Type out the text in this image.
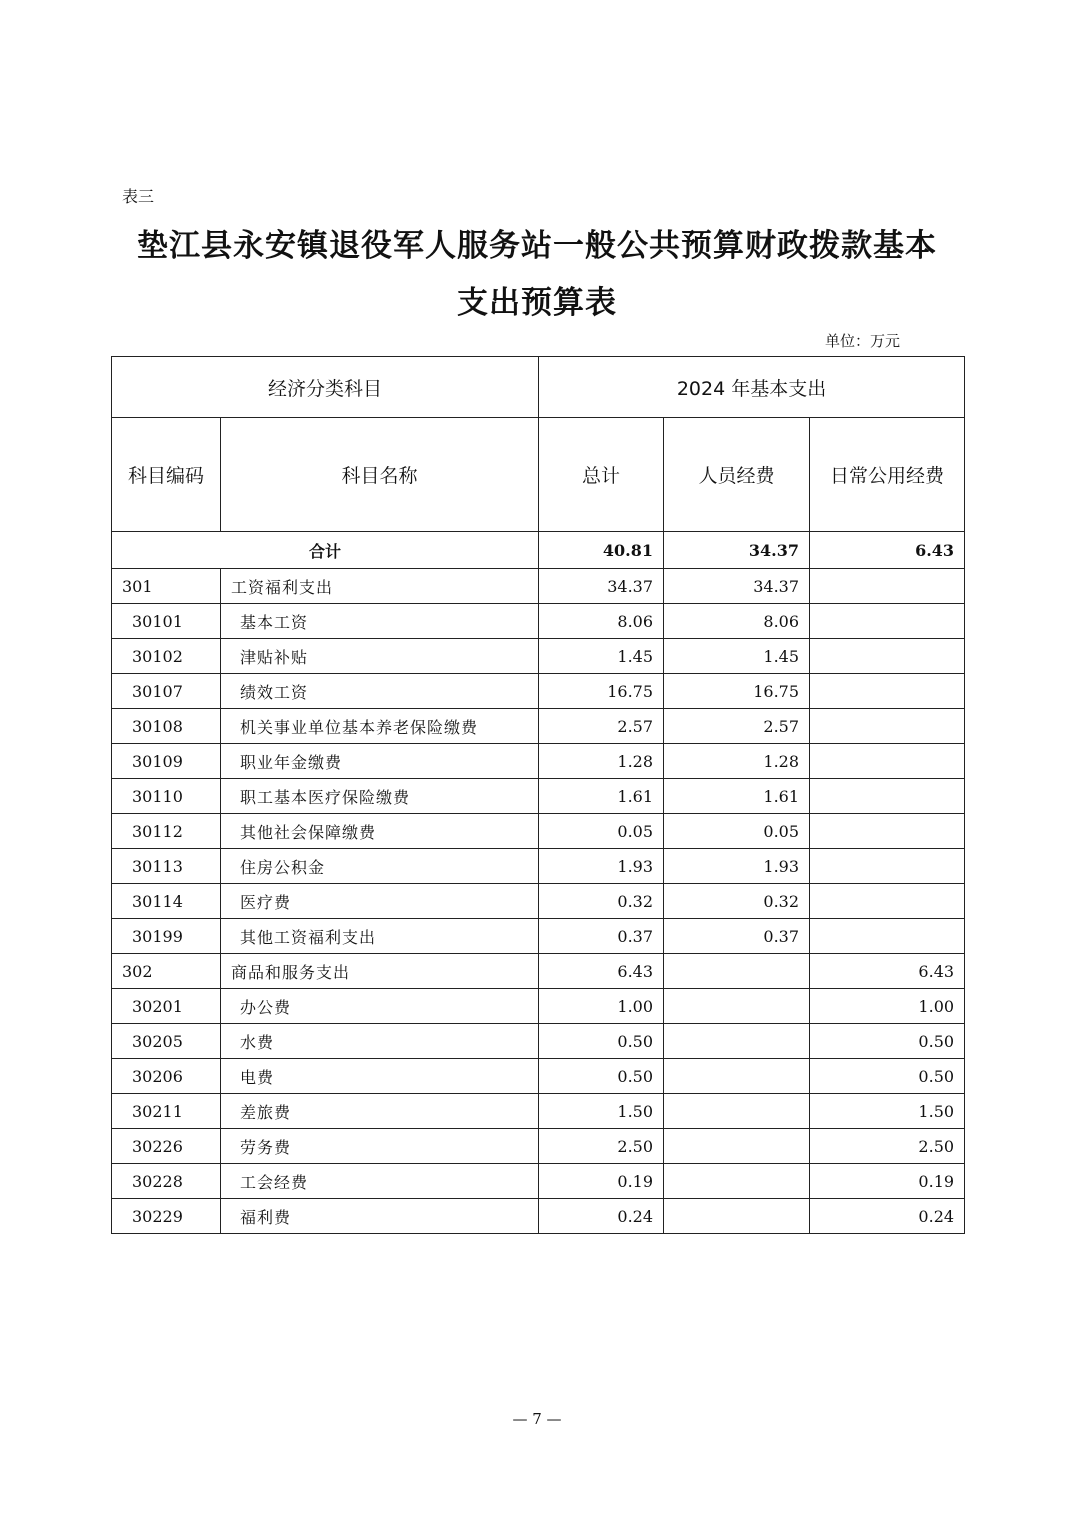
表三
垫江县永安镇退役军人服务站一般公共预算财政拨款基本
支出预算表
单位：万元
经济分类科目		2024 年基本支出		
科目编码	科目名称	总计	人员经费	日常公用经费
合计		40.81	34.37	6.43
301	工资福利支出	34.37	34.37	
30101	基本工资	8.06	8.06	
30102	津贴补贴	1.45	1.45	
30107	绩效工资	16.75	16.75	
30108	机关事业单位基本养老保险缴费	2.57	2.57	
30109	职业年金缴费	1.28	1.28	
30110	职工基本医疗保险缴费	1.61	1.61	
30112	其他社会保障缴费	0.05	0.05	
30113	住房公积金	1.93	1.93	
30114	医疗费	0.32	0.32	
30199	其他工资福利支出	0.37	0.37	
302	商品和服务支出	6.43		6.43
30201	办公费	1.00		1.00
30205	水费	0.50		0.50
30206	电费	0.50		0.50
30211	差旅费	1.50		1.50
30226	劳务费	2.50		2.50
30228	工会经费	0.19		0.19
30229	福利费	0.24		0.24
— 7 —
